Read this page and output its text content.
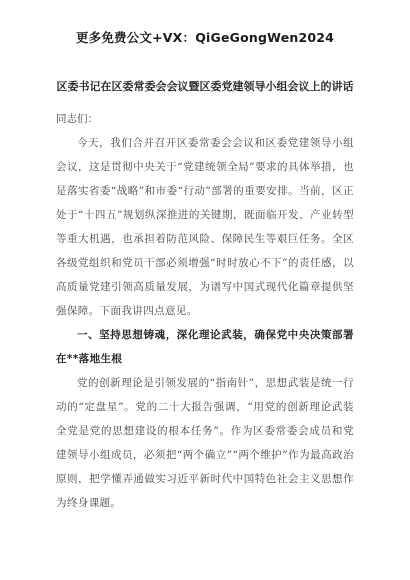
更多免费公文+VX：QiGeGongWen2024
区委书记在区委常委会会议暨区委党建领导小组会议上的讲话

同志们：

今天，我们合并召开区委常委会会议和区委党建领导小组会议，这是贯彻中央关于“党建统领全局”要求的具体举措，也是落实省委“战略”和市委“行动”部署的重要安排。当前，区正处于“十四五”规划纵深推进的关键期，既面临开发、产业转型等重大机遇，也承担着防范风险、保障民生等艰巨任务。全区各级党组织和党员干部必须增强“时时放心不下”的责任感，以高质量党建引领高质量发展，为谱写中国式现代化篇章提供坚强保障。下面我讲四点意见。

一、坚持思想铸魂，深化理论武装，确保党中央决策部署在**落地生根

党的创新理论是引领发展的“指南针”，思想武装是统一行动的“定盘星”。党的二十大报告强调，“用党的创新理论武装全党是党的思想建设的根本任务”。作为区委常委会成员和党建领导小组成员，必须把“两个确立”“两个维护”作为最高政治原则，把学懂弄通做实习近平新时代中国特色社会主义思想作为终身课题。
